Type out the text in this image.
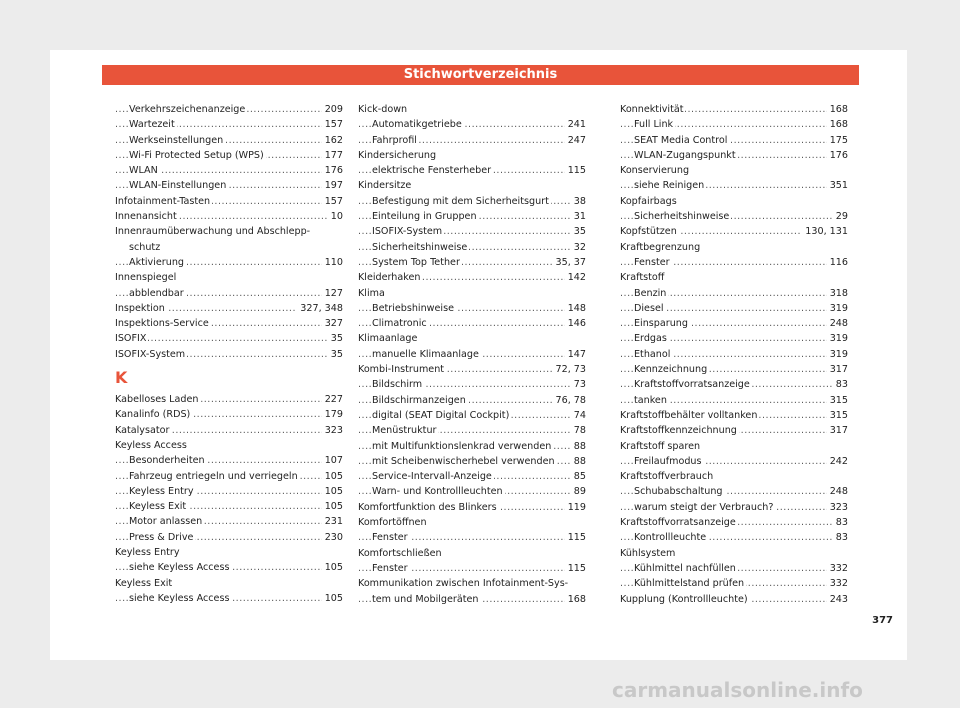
Stichwortverzeichnis
Verkehrszeichenanzeige	209
Wartezeit	157
Werkseinstellungen	162
Wi-Fi Protected Setup (WPS)	177
WLAN	176
WLAN-Einstellungen	197
Infotainment-Tasten	157
Innenansicht	10
Innenraumüberwachung und Abschlepp-
schutz
Aktivierung	110
Innenspiegel
abblendbar	127
Inspektion	327, 348
Inspektions-Service	327
ISOFIX	35
ISOFIX-System	35
K
Kabelloses Laden	227
Kanalinfo (RDS)	179
Katalysator	323
Keyless Access
Besonderheiten	107
Fahrzeug entriegeln und verriegeln	105
Keyless Entry	105
Keyless Exit	105
Motor anlassen	231
Press & Drive	230
Keyless Entry
siehe Keyless Access	105
Keyless Exit
siehe Keyless Access	105
Kick-down
Automatikgetriebe	241
Fahrprofil	247
Kindersicherung
elektrische Fensterheber	115
Kindersitze
Befestigung mit dem Sicherheitsgurt	38
Einteilung in Gruppen	31
ISOFIX-System	35
Sicherheitshinweise	32
System Top Tether	35, 37
Kleiderhaken	142
Klima
Betriebshinweise	148
Climatronic	146
Klimaanlage
manuelle Klimaanlage	147
Kombi-Instrument	72, 73
Bildschirm	73
Bildschirmanzeigen	76, 78
digital (SEAT Digital Cockpit)	74
Menüstruktur	78
mit Multifunktionslenkrad verwenden	88
mit Scheibenwischerhebel verwenden	88
Service-Intervall-Anzeige	85
Warn- und Kontrollleuchten	89
Komfortfunktion des Blinkers	119
Komfortöffnen
Fenster	115
Komfortschließen
Fenster	115
Kommunikation zwischen Infotainment-Sys-
tem und Mobilgeräten	168
Konnektivität	168
Full Link	168
SEAT Media Control	175
WLAN-Zugangspunkt	176
Konservierung
siehe Reinigen	351
Kopfairbags
Sicherheitshinweise	29
Kopfstützen	130, 131
Kraftbegrenzung
Fenster	116
Kraftstoff
Benzin	318
Diesel	319
Einsparung	248
Erdgas	319
Ethanol	319
Kennzeichnung	317
Kraftstoffvorratsanzeige	83
tanken	315
Kraftstoffbehälter volltanken	315
Kraftstoffkennzeichnung	317
Kraftstoff sparen
Freilaufmodus	242
Kraftstoffverbrauch
Schubabschaltung	248
warum steigt der Verbrauch?	323
Kraftstoffvorratsanzeige	83
Kontrollleuchte	83
Kühlsystem
Kühlmittel nachfüllen	332
Kühlmittelstand prüfen	332
Kupplung (Kontrollleuchte)	243
377
carmanualsonline.info
